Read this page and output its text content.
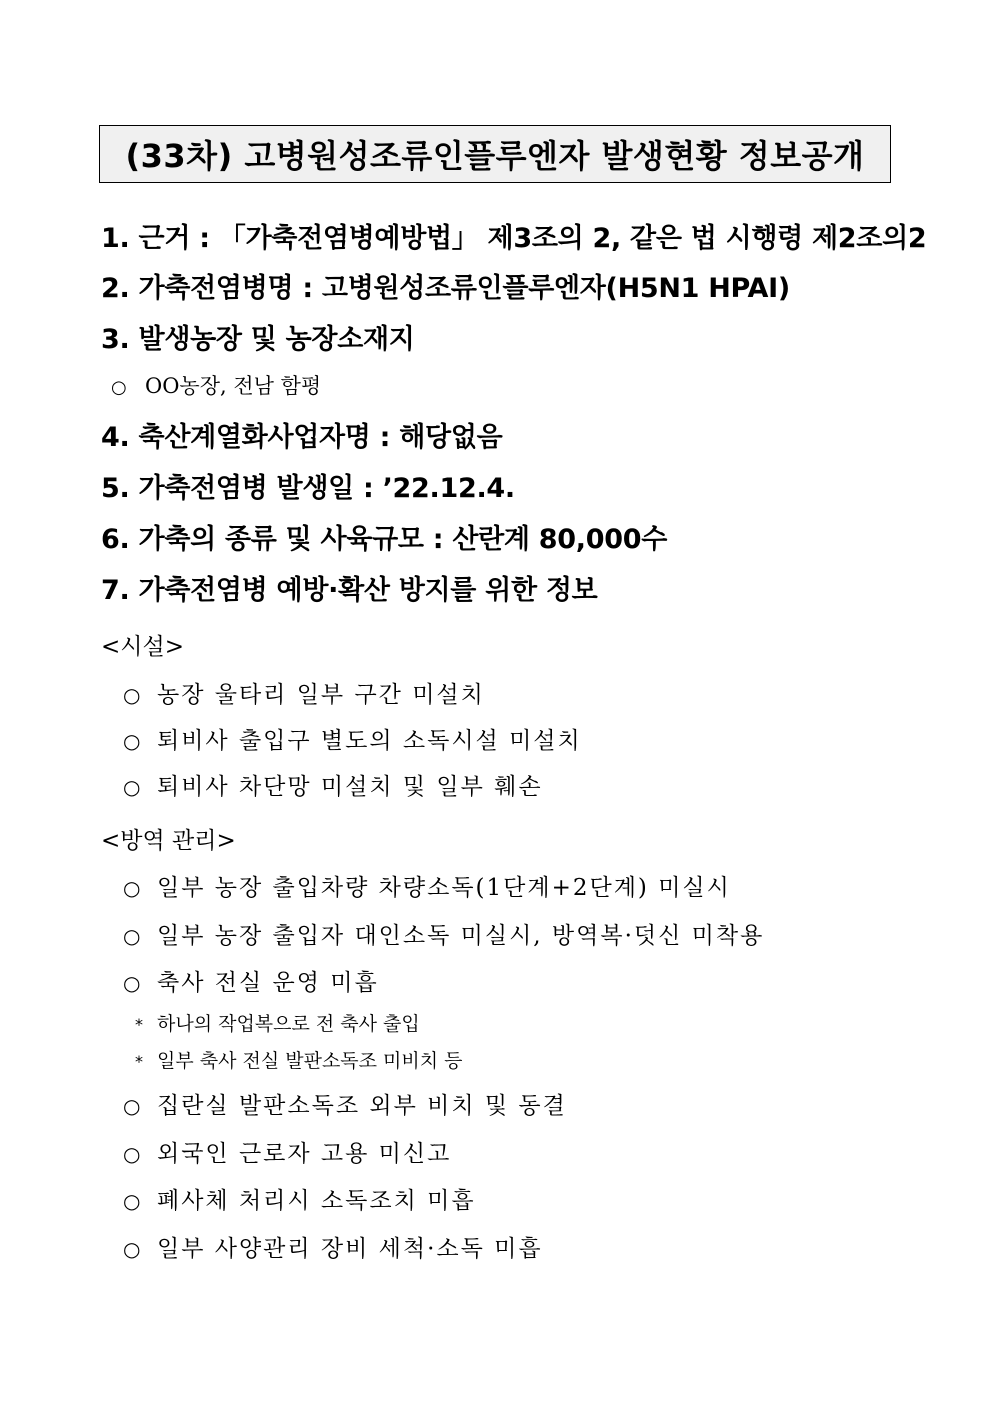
(33차) 고병원성조류인플루엔자 발생현황 정보공개
1. 근거 : 「가축전염병예방법」 제3조의 2, 같은 법 시행령 제2조의2
2. 가축전염병명 : 고병원성조류인플루엔자(H5N1 HPAI)
3. 발생농장 및 농장소재지
○ OO농장, 전남 함평
4. 축산계열화사업자명 : 해당없음
5. 가축전염병 발생일 : ’22.12.4.
6. 가축의 종류 및 사육규모 : 산란계 80,000수
7. 가축전염병 예방·확산 방지를 위한 정보
<시설>
○ 농장 울타리 일부 구간 미설치
○ 퇴비사 출입구 별도의 소독시설 미설치
○ 퇴비사 차단망 미설치 및 일부 훼손
<방역 관리>
○ 일부 농장 출입차량 차량소독(1단계+2단계) 미실시
○ 일부 농장 출입자 대인소독 미실시, 방역복·덧신 미착용
○ 축사 전실 운영 미흡
* 하나의 작업복으로 전 축사 출입
* 일부 축사 전실 발판소독조 미비치 등
○ 집란실 발판소독조 외부 비치 및 동결
○ 외국인 근로자 고용 미신고
○ 폐사체 처리시 소독조치 미흡
○ 일부 사양관리 장비 세척·소독 미흡
